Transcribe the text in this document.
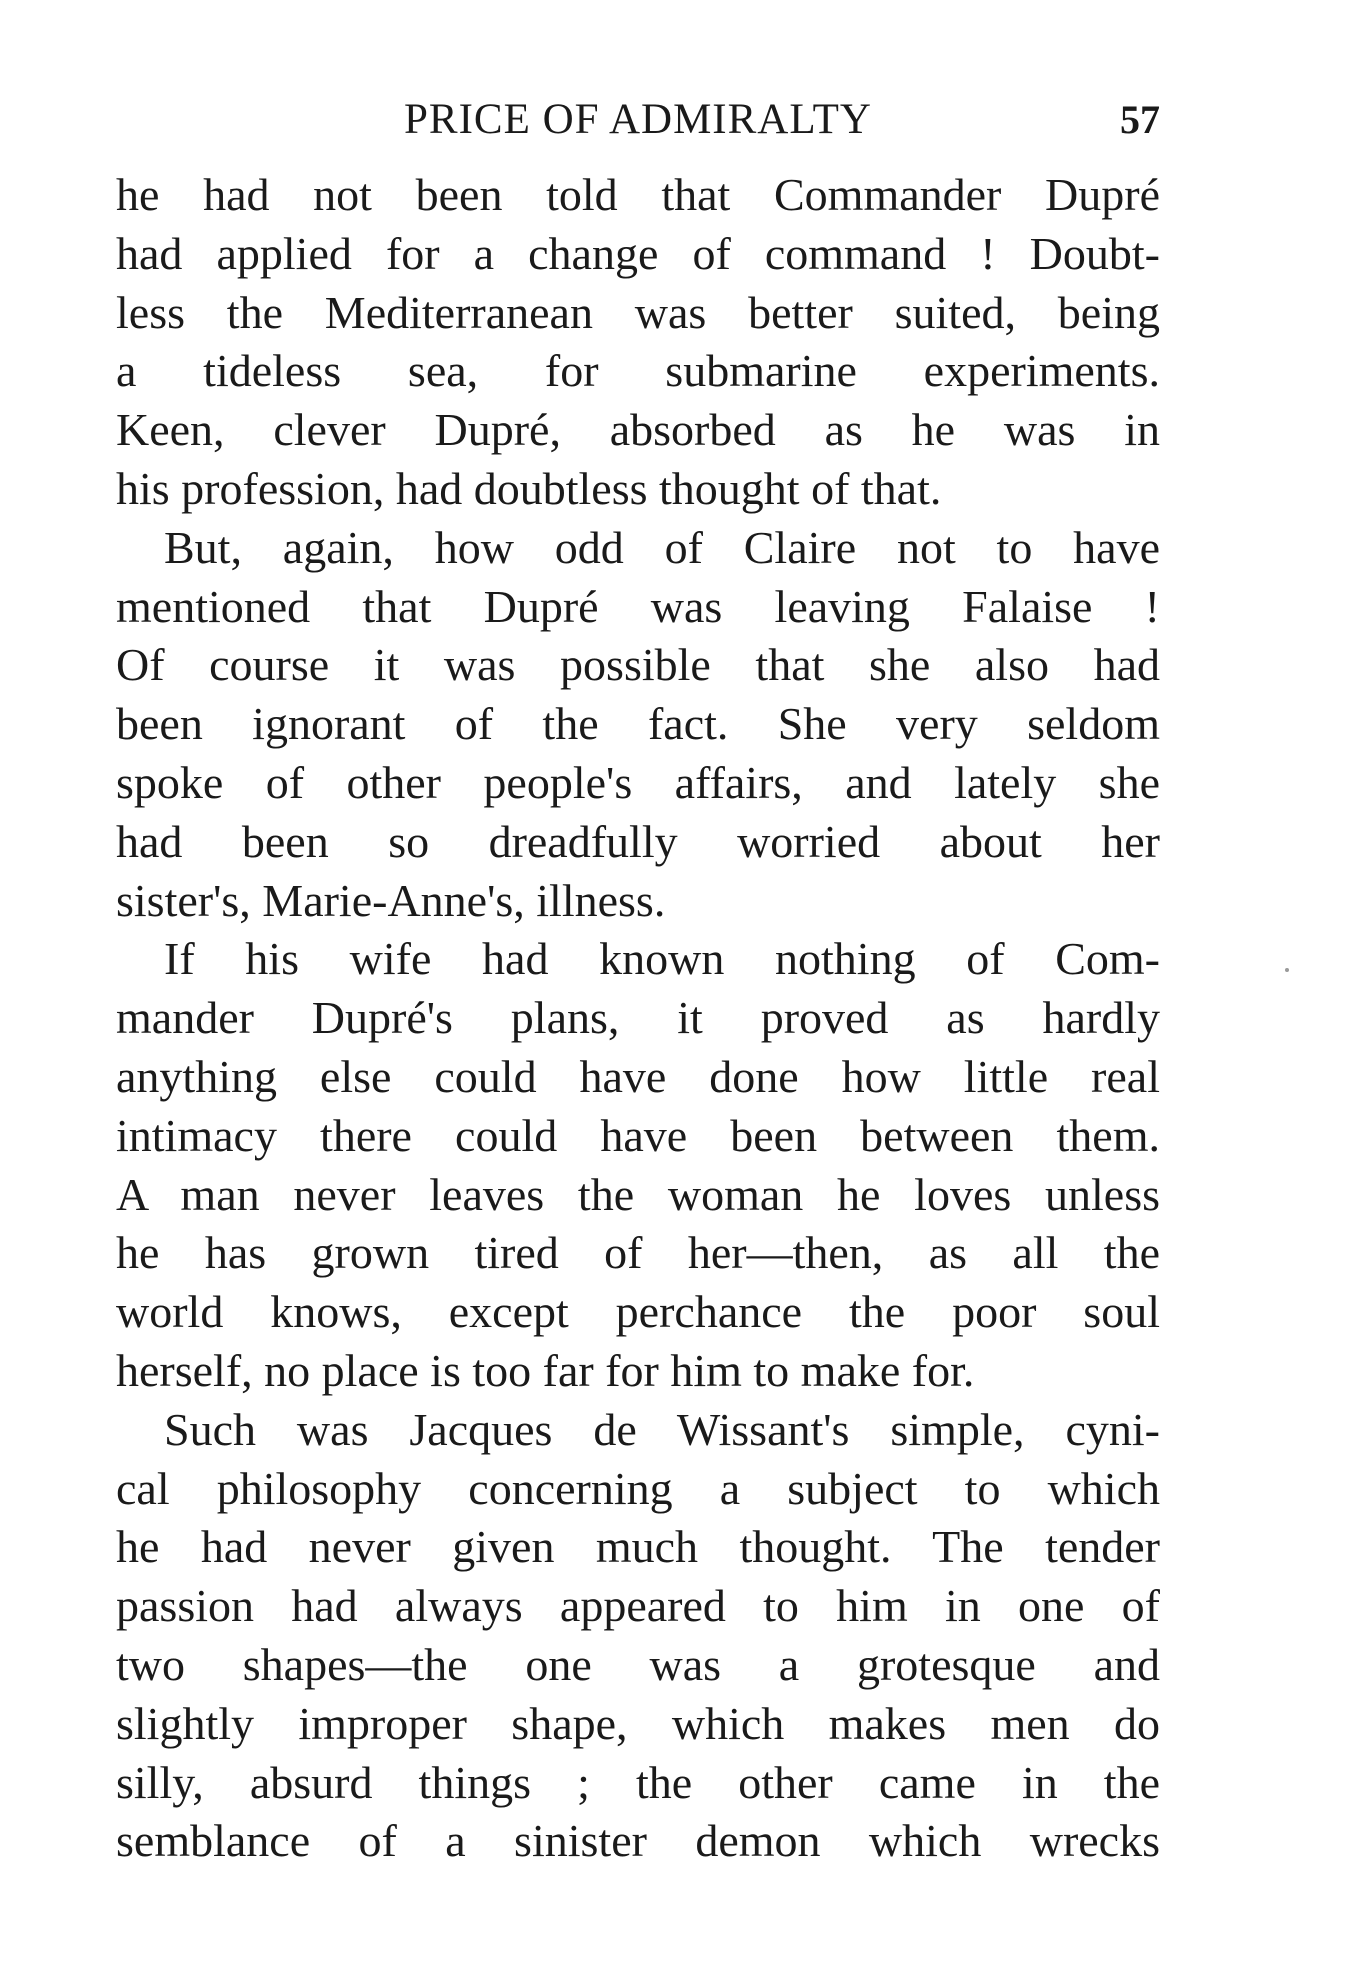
PRICE OF ADMIRALTY	57
he had not been told that Commander Dupré
had applied for a change of command ! Doubt-
less the Mediterranean was better suited, being
a tideless sea, for submarine experiments.
Keen, clever Dupré, absorbed as he was in
his profession, had doubtless thought of that.
But, again, how odd of Claire not to have
mentioned that Dupré was leaving Falaise !
Of course it was possible that she also had
been ignorant of the fact. She very seldom
spoke of other people's affairs, and lately she
had been so dreadfully worried about her
sister's, Marie-Anne's, illness.
If his wife had known nothing of Com-
mander Dupré's plans, it proved as hardly
anything else could have done how little real
intimacy there could have been between them.
A man never leaves the woman he loves unless
he has grown tired of her—then, as all the
world knows, except perchance the poor soul
herself, no place is too far for him to make for.
Such was Jacques de Wissant's simple, cyni-
cal philosophy concerning a subject to which
he had never given much thought. The tender
passion had always appeared to him in one of
two shapes—the one was a grotesque and
slightly improper shape, which makes men do
silly, absurd things ; the other came in the
semblance of a sinister demon which wrecks
